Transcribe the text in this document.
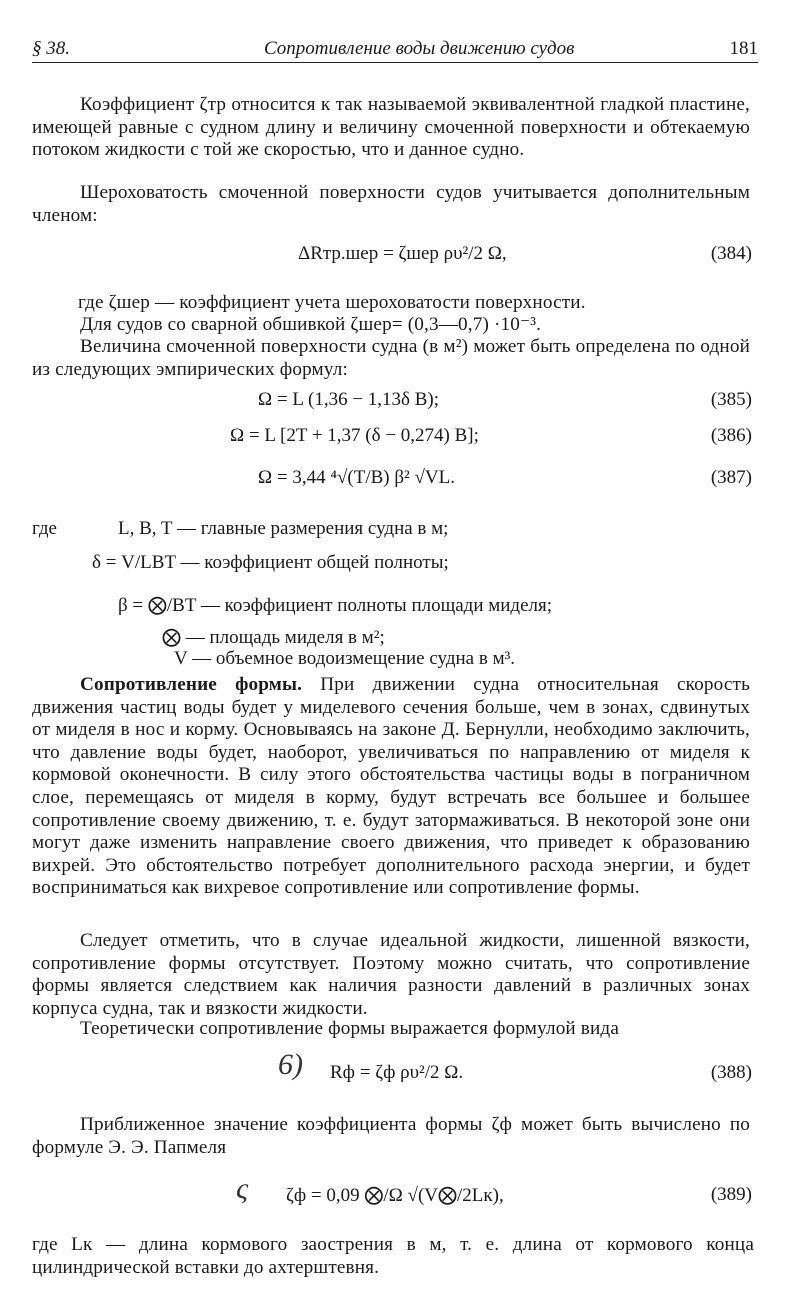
§ 38.	Сопротивление воды движению судов	181
Коэффициент ζтр относится к так называемой эквивалентной гладкой пластине, имеющей равные с судном длину и величину смоченной поверхности и обтекаемую потоком жидкости с той же скоростью, что и данное судно.
Шероховатость смоченной поверхности судов учитывается дополнительным членом:
ΔRтр.шер = ζшер ρυ²/2 Ω,	(384)
где ζшер — коэффициент учета шероховатости поверхности.
Для судов со сварной обшивкой ζшер= (0,3—0,7) ·10⁻³.
Величина смоченной поверхности судна (в м²) может быть определена по одной из следующих эмпирических формул:
Ω = L (1,36 − 1,13δ B);	(385)
Ω = L [2T + 1,37 (δ − 0,274) B];	(386)
Ω = 3,44 ⁴√(T/B) β² √VL.	(387)
где	L, B, T — главные размерения судна в м;
δ = V/LBT — коэффициент общей полноты;
β = ⨂/BT — коэффициент полноты площади миделя;
⨂ — площадь миделя в м²;
V — объемное водоизмещение судна в м³.
Сопротивление формы. При движении судна относительная скорость движения частиц воды будет у миделевого сечения больше, чем в зонах, сдвинутых от миделя в нос и корму. Основываясь на законе Д. Бернулли, необходимо заключить, что давление воды будет, наоборот, увеличиваться по направлению от миделя к кормовой оконечности. В силу этого обстоятельства частицы воды в пограничном слое, перемещаясь от миделя в корму, будут встречать все большее и большее сопротивление своему движению, т. е. будут затормаживаться. В некоторой зоне они могут даже изменить направление своего движения, что приведет к образованию вихрей. Это обстоятельство потребует дополнительного расхода энергии, и будет восприниматься как вихревое сопротивление или сопротивление формы.
Следует отметить, что в случае идеальной жидкости, лишенной вязкости, сопротивление формы отсутствует. Поэтому можно считать, что сопротивление формы является следствием как наличия разности давлений в различных зонах корпуса судна, так и вязкости жидкости.
Теоретически сопротивление формы выражается формулой вида
6) Rф = ζф ρυ²/2 Ω.	(388)
Приближенное значение коэффициента формы ζф может быть вычислено по формуле Э. Э. Папмеля
ς ζф = 0,09 ⨂/Ω √(V⨂/2Lк),	(389)
где Lк — длина кормового заострения в м, т. е. длина от кормового конца цилиндрической вставки до ахтерштевня.
